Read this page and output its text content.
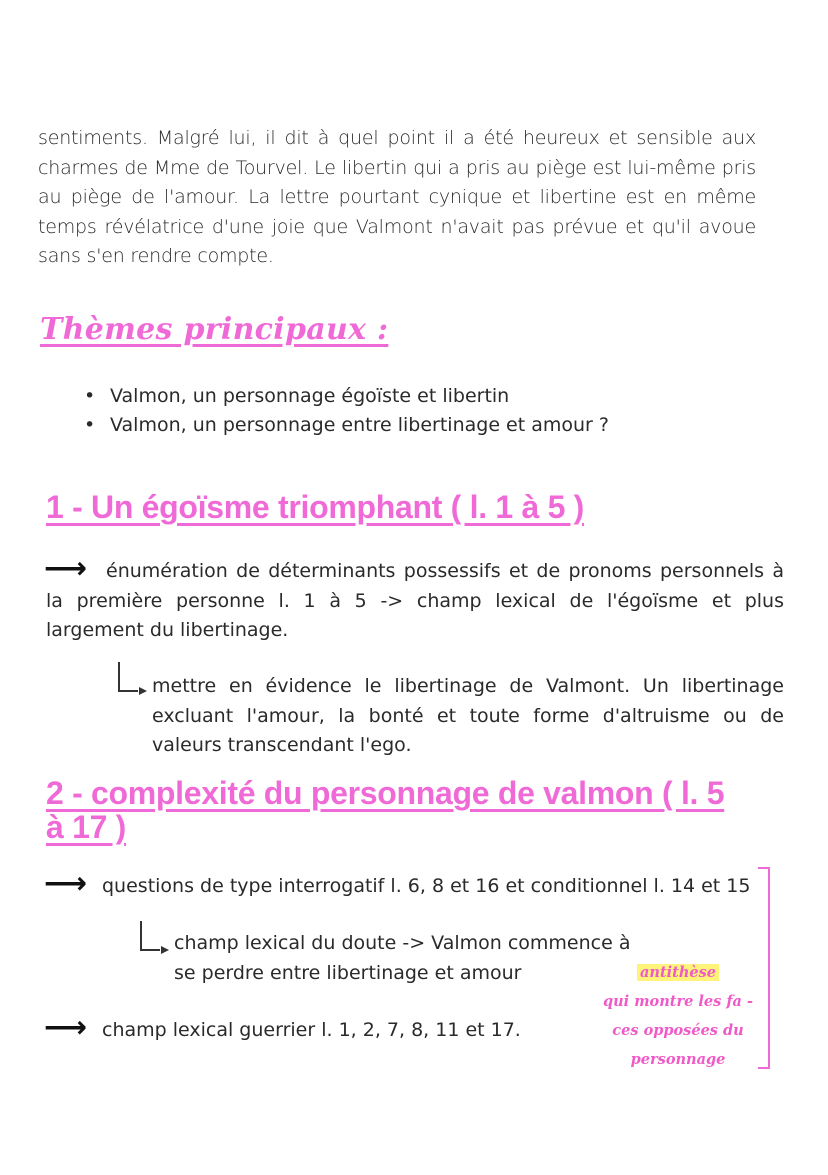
sentiments. Malgré lui, il dit à quel point il a été heureux et sensible aux charmes de Mme de Tourvel. Le libertin qui a pris au piège est lui-même pris au piège de l'amour. La lettre pourtant cynique et libertine est en même temps révélatrice d'une joie que Valmont n'avait pas prévue et qu'il avoue sans s'en rendre compte.
Thèmes principaux :
• Valmon, un personnage égoïste et libertin
• Valmon, un personnage entre libertinage et amour ?
1 - Un égoïsme triomphant ( l. 1 à 5 )
⟶ énumération de déterminants possessifs et de pronoms personnels à la première personne l. 1 à 5 -> champ lexical de l'égoïsme et plus largement du libertinage.
mettre en évidence le libertinage de Valmont. Un libertinage excluant l'amour, la bonté et toute forme d'altruisme ou de valeurs transcendant l'ego.
2 - complexité du personnage de valmon ( l. 5
à 17 )
⟶ questions de type interrogatif l. 6, 8 et 16 et conditionnel l. 14 et 15
champ lexical du doute -> Valmon commence à se perdre entre libertinage et amour
⟶ champ lexical guerrier l. 1, 2, 7, 8, 11 et 17.
antithèse
qui montre les fa -
ces opposées du
personnage
